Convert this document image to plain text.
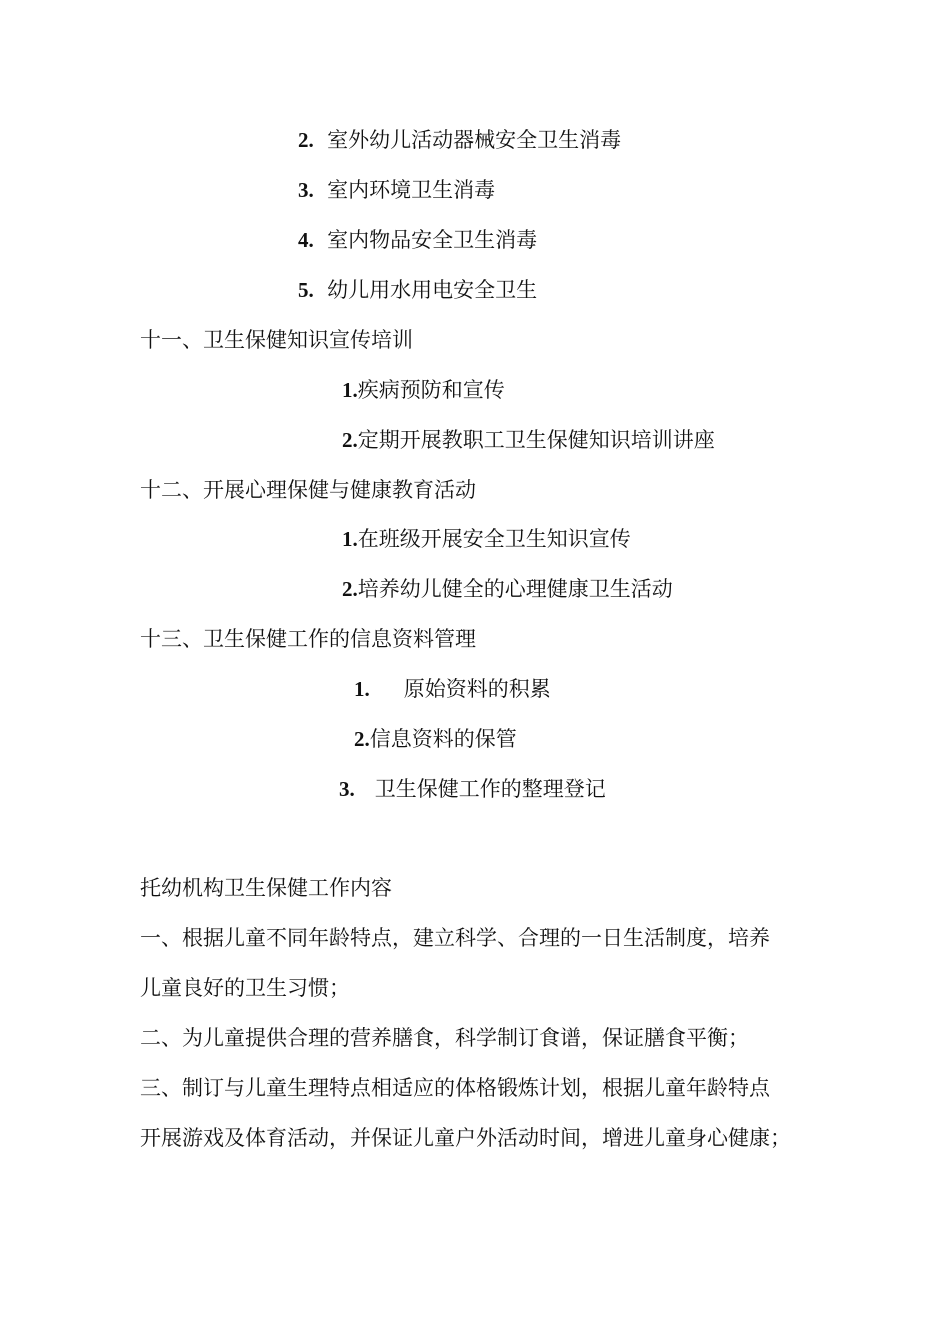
2. 室外幼儿活动器械安全卫生消毒
3. 室内环境卫生消毒
4. 室内物品安全卫生消毒
5. 幼儿用水用电安全卫生
十一、卫生保健知识宣传培训
1.疾病预防和宣传
2.定期开展教职工卫生保健知识培训讲座
十二、开展心理保健与健康教育活动
1.在班级开展安全卫生知识宣传
2.培养幼儿健全的心理健康卫生活动
十三、卫生保健工作的信息资料管理
1. 原始资料的积累
2.信息资料的保管
3. 卫生保健工作的整理登记
托幼机构卫生保健工作内容
一、根据儿童不同年龄特点，建立科学、合理的一日生活制度，培养
儿童良好的卫生习惯；
二、为儿童提供合理的营养膳食，科学制订食谱，保证膳食平衡；
三、制订与儿童生理特点相适应的体格锻炼计划，根据儿童年龄特点
开展游戏及体育活动，并保证儿童户外活动时间，增进儿童身心健康；
